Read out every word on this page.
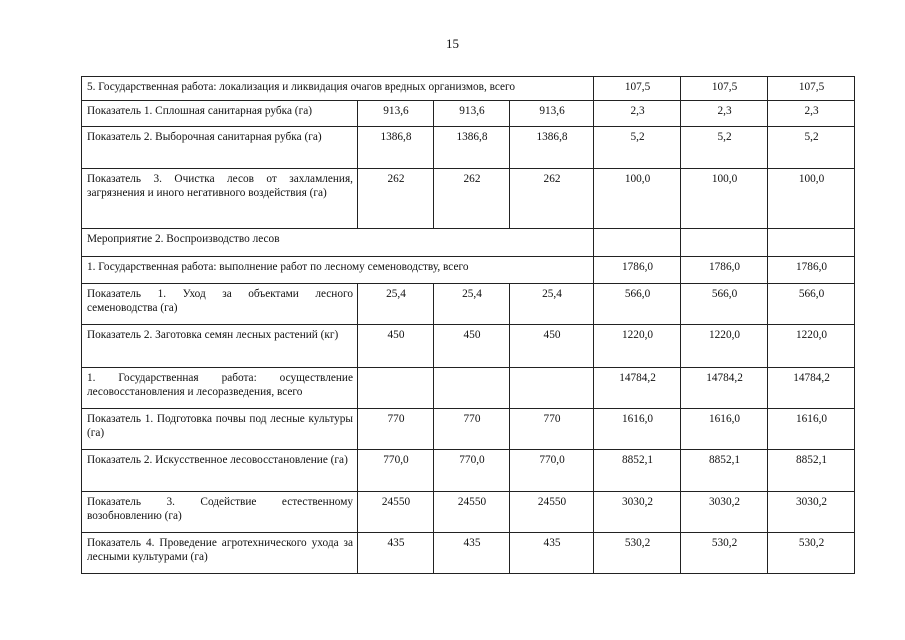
15
5. Государственная работа: локализация и ликвидация очагов вредных организмов, всего				107,5	107,5	107,5
Показатель 1. Сплошная санитарная рубка (га)	913,6	913,6	913,6	2,3	2,3	2,3
Показатель 2. Выборочная санитарная рубка (га)	1386,8	1386,8	1386,8	5,2	5,2	5,2
Показатель 3. Очистка лесов от захламления, загрязнения и иного негативного воздействия (га)	262	262	262	100,0	100,0	100,0
Мероприятие 2. Воспроизводство лесов						
1. Государственная работа: выполнение работ по лесному семеноводству, всего				1786,0	1786,0	1786,0
Показатель 1. Уход за объектами лесного семеноводства (га)	25,4	25,4	25,4	566,0	566,0	566,0
Показатель 2. Заготовка семян лесных растений (кг)	450	450	450	1220,0	1220,0	1220,0
1. Государственная работа: осуществление лесовосстановления и лесоразведения, всего				14784,2	14784,2	14784,2
Показатель 1. Подготовка почвы под лесные культуры (га)	770	770	770	1616,0	1616,0	1616,0
Показатель 2. Искусственное лесовосстановление (га)	770,0	770,0	770,0	8852,1	8852,1	8852,1
Показатель 3. Содействие естественному возобновлению (га)	24550	24550	24550	3030,2	3030,2	3030,2
Показатель 4. Проведение агротехнического ухода за лесными культурами (га)	435	435	435	530,2	530,2	530,2
